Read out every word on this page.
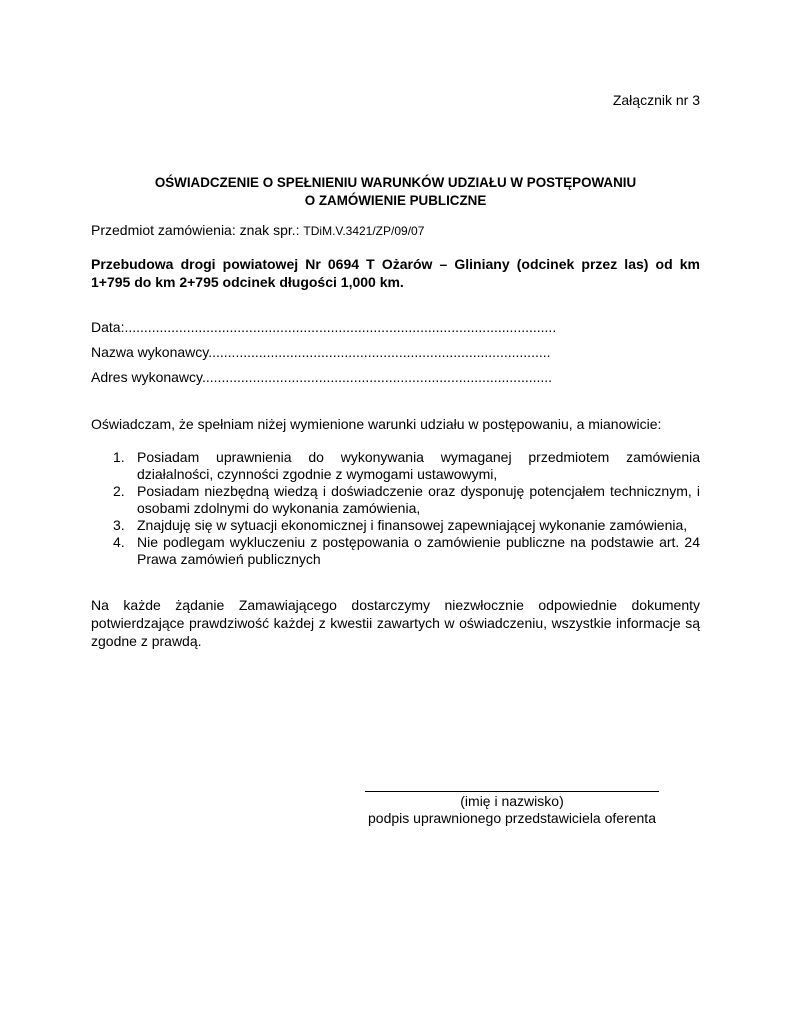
Załącznik nr 3
OŚWIADCZENIE O SPEŁNIENIU WARUNKÓW UDZIAŁU W POSTĘPOWANIU
O ZAMÓWIENIE PUBLICZNE
Przedmiot zamówienia: znak spr.: TDiM.V.3421/ZP/09/07
Przebudowa drogi powiatowej Nr 0694 T Ożarów – Gliniany (odcinek przez las) od km 1+795 do km 2+795 odcinek długości 1,000 km.
Data:...............................................................................................................
Nazwa wykonawcy........................................................................................
Adres wykonawcy..........................................................................................
Oświadczam, że spełniam niżej wymienione warunki udziału w postępowaniu, a mianowicie:
1. Posiadam uprawnienia do wykonywania wymaganej przedmiotem zamówienia działalności, czynności zgodnie z wymogami ustawowymi,
2. Posiadam niezbędną wiedzą i doświadczenie oraz dysponuję potencjałem technicznym, i osobami zdolnymi do wykonania zamówienia,
3. Znajduję się w sytuacji ekonomicznej i finansowej zapewniającej wykonanie zamówienia,
4. Nie podlegam wykluczeniu z postępowania o zamówienie publiczne na podstawie art. 24 Prawa zamówień publicznych
Na każde żądanie Zamawiającego dostarczymy niezwłocznie odpowiednie dokumenty potwierdzające prawdziwość każdej z kwestii zawartych w oświadczeniu, wszystkie informacje są zgodne z prawdą.
(imię i nazwisko)
podpis uprawnionego przedstawiciela oferenta
